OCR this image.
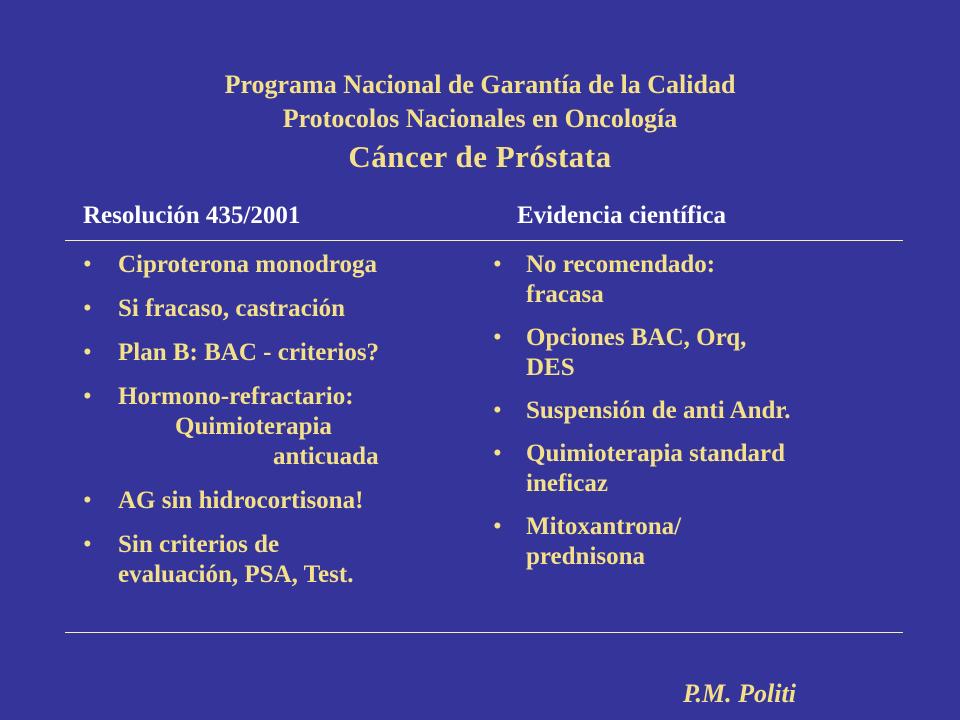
Programa Nacional de Garantía de la Calidad
Protocolos Nacionales en Oncología
Cáncer de Próstata
Resolución 435/2001	Evidencia científica
• Ciproterona monodroga
• Si fracaso, castración
• Plan B: BAC - criterios?
• Hormono-refractario:
Quimioterapia
anticuada
• AG sin hidrocortisona!
• Sin criterios de
evaluación, PSA, Test.
• No recomendado:
fracasa
• Opciones BAC, Orq,
DES
• Suspensión de anti Andr.
• Quimioterapia standard
ineficaz
• Mitoxantrona/
prednisona
P.M. Politi
